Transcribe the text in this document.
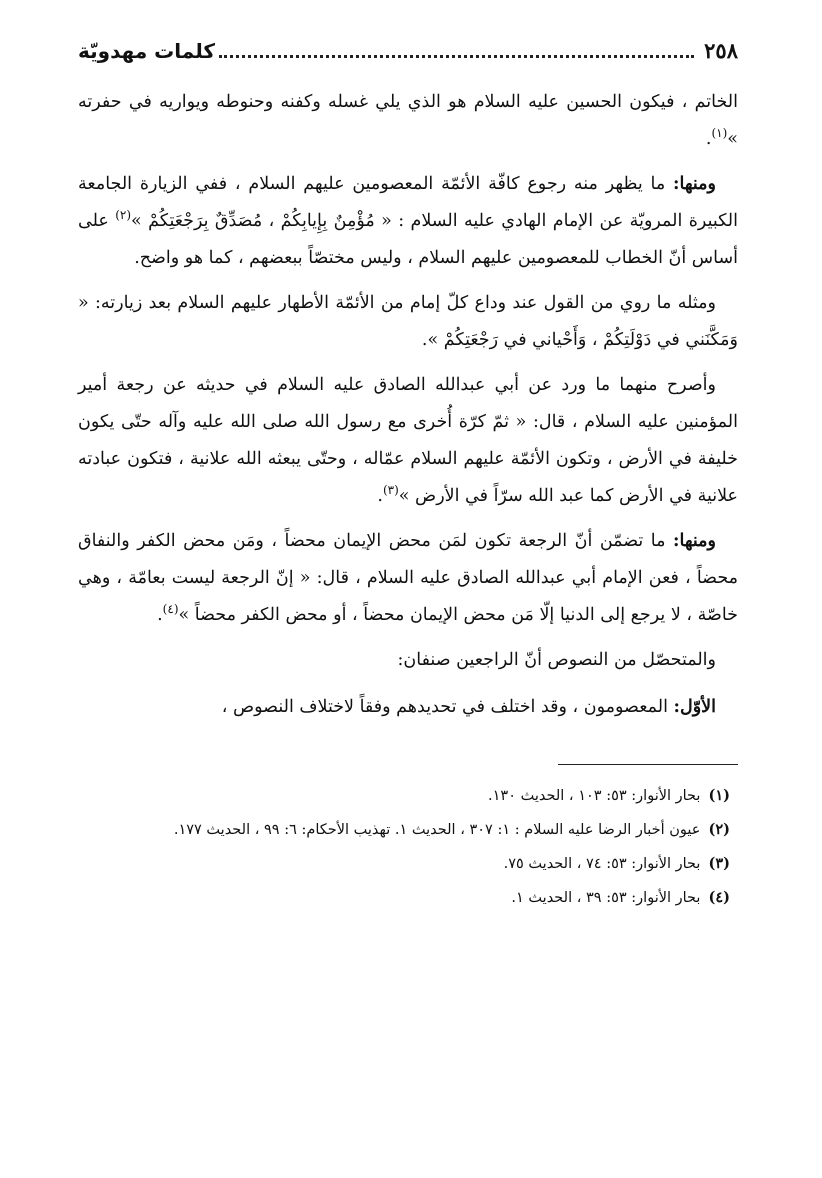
٢٥٨
كلمات مهدويّة

الخاتم ، فيكون الحسين عليه السلام هو الذي يلي غسله وكفنه وحنوطه ويواريه في حفرته »$^{(١)}$.

ومنها: ما يظهر منه رجوع كافّة الأئمّة المعصومين عليهم السلام ، ففي الزيارة الجامعة الكبيرة المرويّة عن الإمام الهادي عليه السلام : « مُؤْمِنٌ بِإِيابِكُمْ ، مُصَدِّقٌ بِرَجْعَتِكُمْ »$^{(٢)}$ على أساس أنّ الخطاب للمعصومين عليهم السلام ، وليس مختصّاً ببعضهم ، كما هو واضح.

ومثله ما روي من القول عند وداع كلّ إمام من الأئمّة الأطهار عليهم السلام بعد زيارته: « وَمَكَّنَني في دَوْلَتِكُمْ ، وَأَحْياني في رَجْعَتِكُمْ ».

وأصرح منهما ما ورد عن أبي عبدالله الصادق عليه السلام في حديثه عن رجعة أمير المؤمنين عليه السلام ، قال: « ثمّ كرّة أُخرى مع رسول الله صلى الله عليه وآله حتّى يكون خليفة في الأرض ، وتكون الأئمّة عليهم السلام عمّاله ، وحتّى يبعثه الله علانية ، فتكون عبادته علانية في الأرض كما عبد الله سرّاً في الأرض »$^{(٣)}$.

ومنها: ما تضمّن أنّ الرجعة تكون لمَن محض الإيمان محضاً ، ومَن محض الكفر والنفاق محضاً ، فعن الإمام أبي عبدالله الصادق عليه السلام ، قال: « إنّ الرجعة ليست بعامّة ، وهي خاصّة ، لا يرجع إلى الدنيا إلّا مَن محض الإيمان محضاً ، أو محض الكفر محضاً »$^{(٤)}$.

والمتحصّل من النصوص أنّ الراجعين صنفان:

الأوّل: المعصومون ، وقد اختلف في تحديدهم وفقاً لاختلاف النصوص ،

(١)بحار الأنوار: ٥٣: ١٠٣ ، الحديث ١٣٠.
(٢)عيون أخبار الرضا عليه السلام : ١: ٣٠٧ ، الحديث ١. تهذيب الأحكام: ٦: ٩٩ ، الحديث ١٧٧.
(٣)بحار الأنوار: ٥٣: ٧٤ ، الحديث ٧٥.
(٤)بحار الأنوار: ٥٣: ٣٩ ، الحديث ١.
